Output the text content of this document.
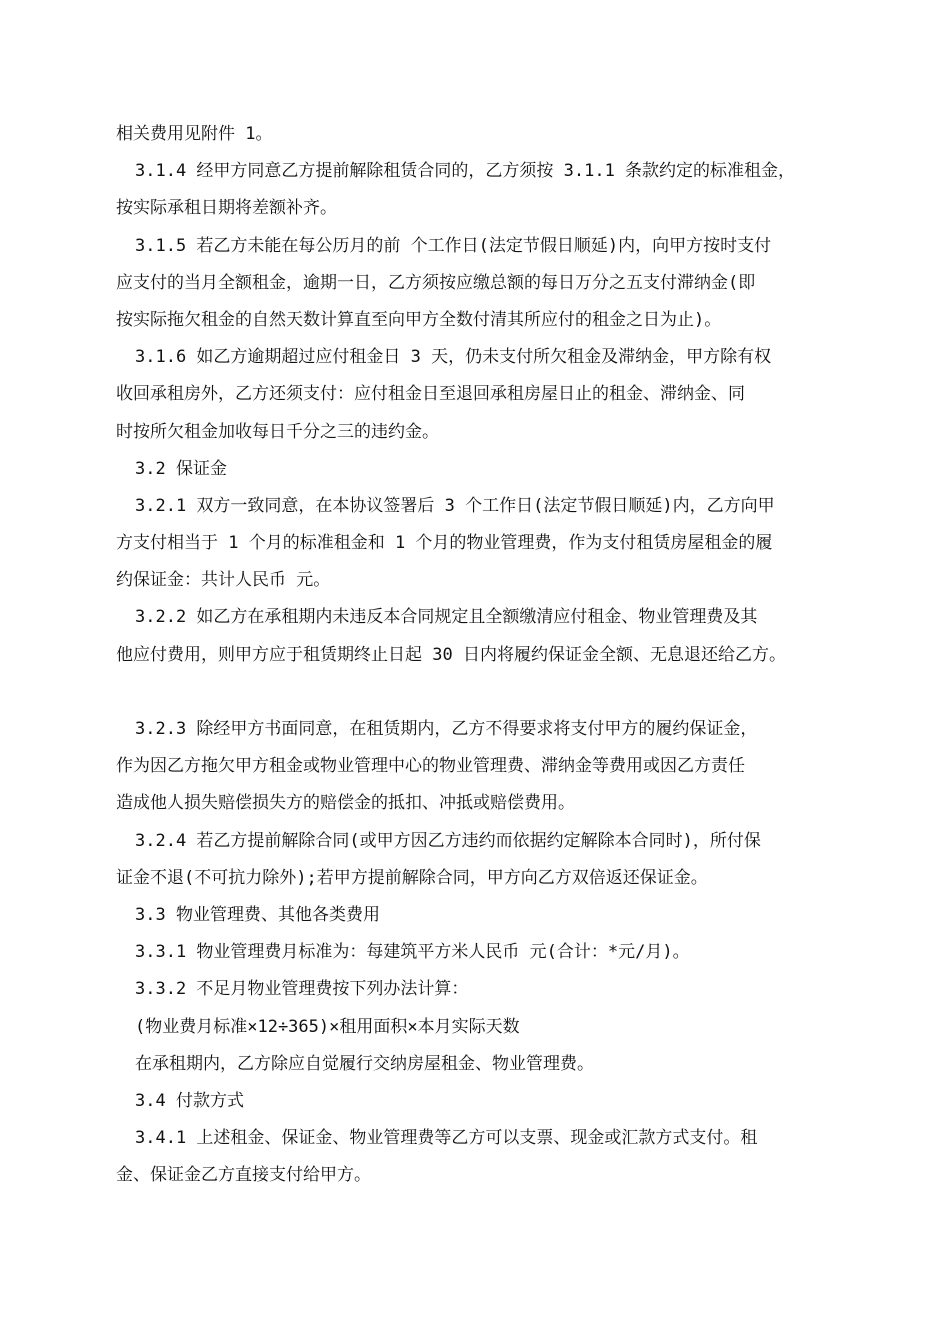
相关费用见附件 1。
3.1.4 经甲方同意乙方提前解除租赁合同的，乙方须按 3.1.1 条款约定的标准租金，
按实际承租日期将差额补齐。
3.1.5 若乙方未能在每公历月的前 个工作日(法定节假日顺延)内，向甲方按时支付
应支付的当月全额租金，逾期一日，乙方须按应缴总额的每日万分之五支付滞纳金(即
按实际拖欠租金的自然天数计算直至向甲方全数付清其所应付的租金之日为止)。
3.1.6 如乙方逾期超过应付租金日 3 天，仍未支付所欠租金及滞纳金，甲方除有权
收回承租房外，乙方还须支付：应付租金日至退回承租房屋日止的租金、滞纳金、同
时按所欠租金加收每日千分之三的违约金。
3.2 保证金
3.2.1 双方一致同意，在本协议签署后 3 个工作日(法定节假日顺延)内，乙方向甲
方支付相当于 1 个月的标准租金和 1 个月的物业管理费，作为支付租赁房屋租金的履
约保证金：共计人民币 元。
3.2.2 如乙方在承租期内未违反本合同规定且全额缴清应付租金、物业管理费及其
他应付费用，则甲方应于租赁期终止日起 30 日内将履约保证金全额、无息退还给乙方。
3.2.3 除经甲方书面同意，在租赁期内，乙方不得要求将支付甲方的履约保证金，
作为因乙方拖欠甲方租金或物业管理中心的物业管理费、滞纳金等费用或因乙方责任
造成他人损失赔偿损失方的赔偿金的抵扣、冲抵或赔偿费用。
3.2.4 若乙方提前解除合同(或甲方因乙方违约而依据约定解除本合同时)，所付保
证金不退(不可抗力除外);若甲方提前解除合同，甲方向乙方双倍返还保证金。
3.3 物业管理费、其他各类费用
3.3.1 物业管理费月标准为：每建筑平方米人民币 元(合计：*元/月)。
3.3.2 不足月物业管理费按下列办法计算：
(物业费月标准×12÷365)×租用面积×本月实际天数
在承租期内，乙方除应自觉履行交纳房屋租金、物业管理费。
3.4 付款方式
3.4.1 上述租金、保证金、物业管理费等乙方可以支票、现金或汇款方式支付。租
金、保证金乙方直接支付给甲方。
